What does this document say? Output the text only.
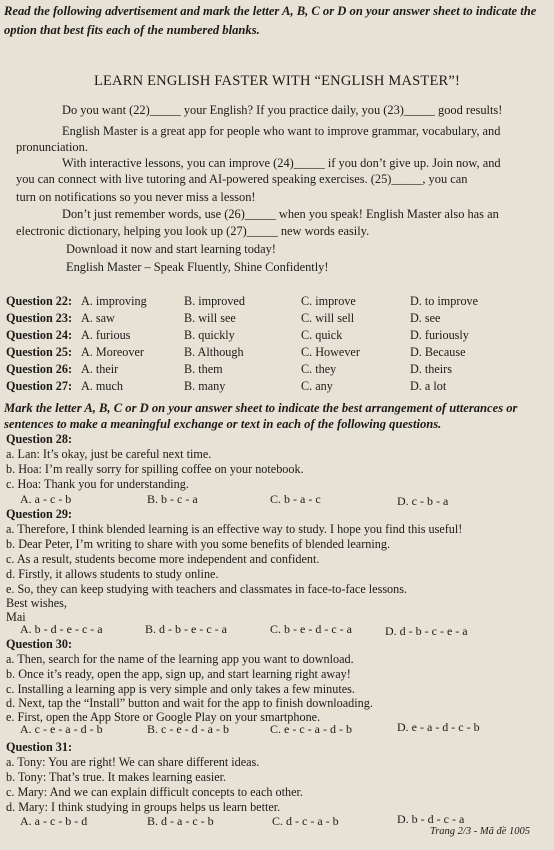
Read the following advertisement and mark the letter A, B, C or D on your answer sheet to indicate the
option that best fits each of the numbered blanks.
LEARN ENGLISH FASTER WITH “ENGLISH MASTER”!
Do you want (22)_____ your English? If you practice daily, you (23)_____ good results!
English Master is a great app for people who want to improve grammar, vocabulary, and
pronunciation.
With interactive lessons, you can improve (24)_____ if you don’t give up. Join now, and
you can connect with live tutoring and AI-powered speaking exercises. (25)_____, you can
turn on notifications so you never miss a lesson!
Don’t just remember words, use (26)_____ when you speak! English Master also has an
electronic dictionary, helping you look up (27)_____ new words easily.
Download it now and start learning today!
English Master – Speak Fluently, Shine Confidently!
Question 22: A. improving	B. improved	C. improve	D. to improve
Question 23: A. saw	B. will see	C. will sell	D. see
Question 24: A. furious	B. quickly	C. quick	D. furiously
Question 25: A. Moreover	B. Although	C. However	D. Because
Question 26: A. their	B. them	C. they	D. theirs
Question 27: A. much	B. many	C. any	D. a lot
Mark the letter A, B, C or D on your answer sheet to indicate the best arrangement of utterances or
sentences to make a meaningful exchange or text in each of the following questions.
Question 28:
a. Lan: It’s okay, just be careful next time.
b. Hoa: I’m really sorry for spilling coffee on your notebook.
c. Hoa: Thank you for understanding.
A. a - c - b	B. b - c - a	C. b - a - c	D. c - b - a
Question 29:
a. Therefore, I think blended learning is an effective way to study. I hope you find this useful!
b. Dear Peter, I’m writing to share with you some benefits of blended learning.
c. As a result, students become more independent and confident.
d. Firstly, it allows students to study online.
e. So, they can keep studying with teachers and classmates in face-to-face lessons.
Best wishes,
Mai
A. b - d - e - c - a	B. d - b - e - c - a	C. b - e - d - c - a	D. d - b - c - e - a
Question 30:
a. Then, search for the name of the learning app you want to download.
b. Once it’s ready, open the app, sign up, and start learning right away!
c. Installing a learning app is very simple and only takes a few minutes.
d. Next, tap the “Install” button and wait for the app to finish downloading.
e. First, open the App Store or Google Play on your smartphone.
A. c - e - a - d - b	B. c - e - d - a - b	C. e - c - a - d - b	D. e - a - d - c - b
Question 31:
a. Tony: You are right! We can share different ideas.
b. Tony: That’s true. It makes learning easier.
c. Mary: And we can explain difficult concepts to each other.
d. Mary: I think studying in groups helps us learn better.
A. a - c - b - d	B. d - a - c - b	C. d - c - a - b	D. b - d - c - a
Trang 2/3 - Mã đề 1005
